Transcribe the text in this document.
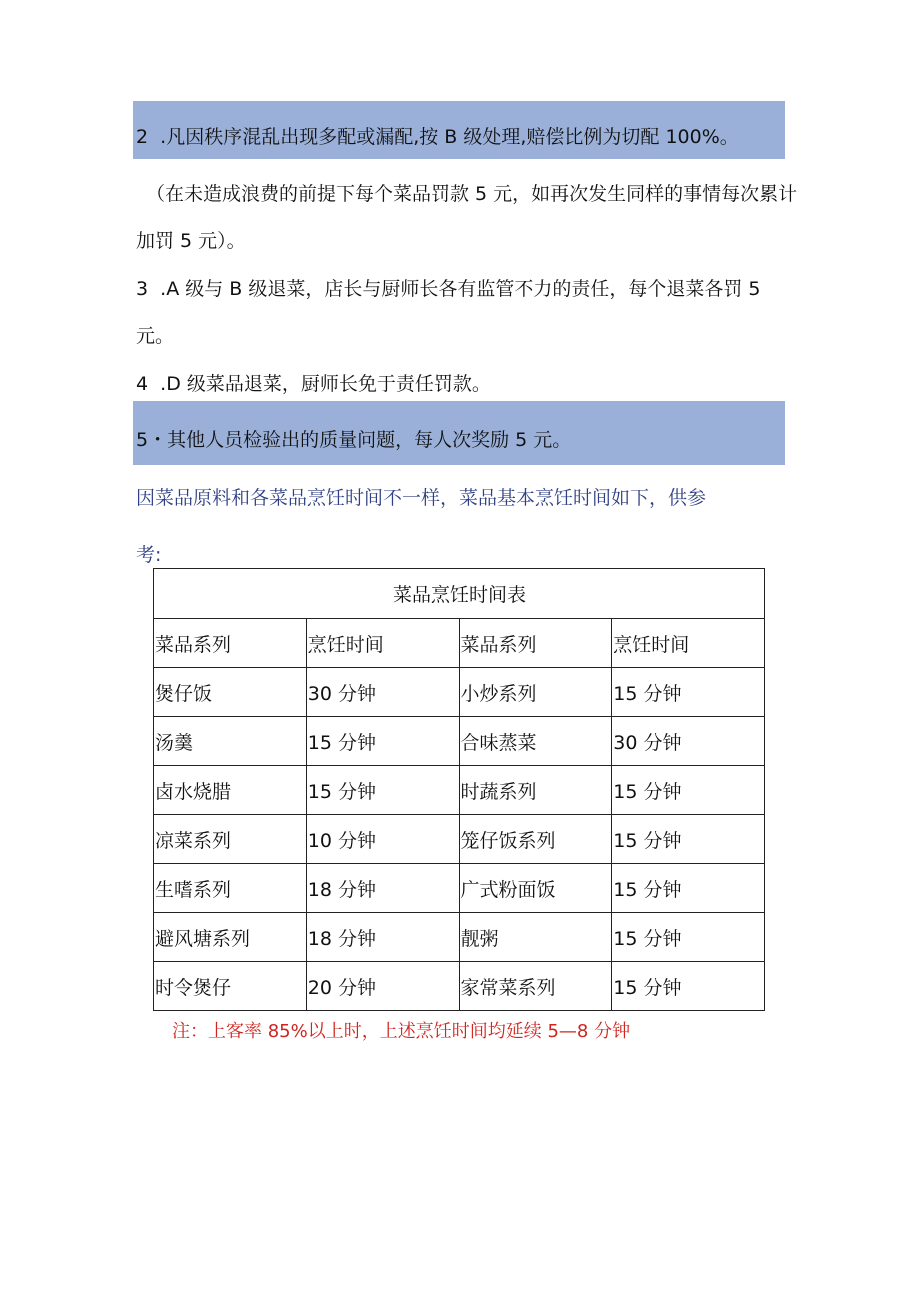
2  .凡因秩序混乱出现多配或漏配,按 B 级处理,赔偿比例为切配 100%。
（在未造成浪费的前提下每个菜品罚款 5 元，如再次发生同样的事情每次累计
加罚 5 元）。
3  .A 级与 B 级退菜，店长与厨师长各有监管不力的责任，每个退菜各罚 5
元。
4  .D 级菜品退菜，厨师长免于责任罚款。
5・其他人员检验出的质量问题，每人次奖励 5 元。
因菜品原料和各菜品烹饪时间不一样，菜品基本烹饪时间如下，供参
考:
菜品烹饪时间表			
菜品系列	烹饪时间	菜品系列	烹饪时间
煲仔饭	30 分钟	小炒系列	15 分钟
汤羹	15 分钟	合味蒸菜	30 分钟
卤水烧腊	15 分钟	时蔬系列	15 分钟
凉菜系列	10 分钟	笼仔饭系列	15 分钟
生嗜系列	18 分钟	广式粉面饭	15 分钟
避风塘系列	18 分钟	靓粥	15 分钟
时令煲仔	20 分钟	家常菜系列	15 分钟
注：上客率 85%以上时，上述烹饪时间均延续 5—8 分钟
